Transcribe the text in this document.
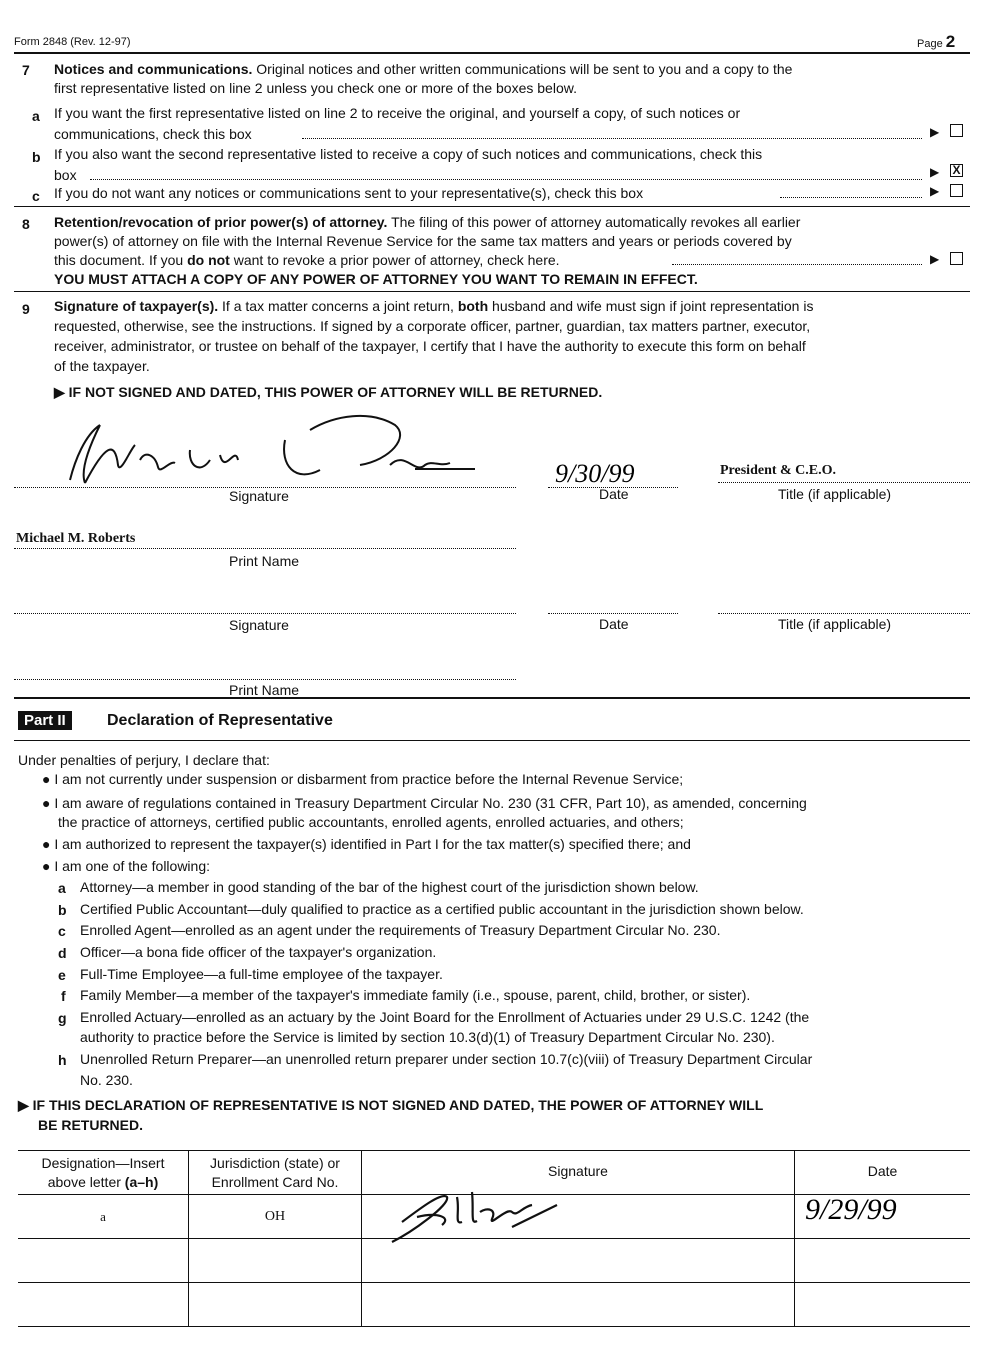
Form 2848 (Rev. 12-97)	Page 2
7 Notices and communications. Original notices and other written communications will be sent to you and a copy to the
first representative listed on line 2 unless you check one or more of the boxes below.
a If you want the first representative listed on line 2 to receive the original, and yourself a copy, of such notices or
communications, check this box	▶
b If you also want the second representative listed to receive a copy of such notices and communications, check this
box	▶ X
c If you do not want any notices or communications sent to your representative(s), check this box	▶
8 Retention/revocation of prior power(s) of attorney. The filing of this power of attorney automatically revokes all earlier
power(s) of attorney on file with the Internal Revenue Service for the same tax matters and years or periods covered by
this document. If you do not want to revoke a prior power of attorney, check here.	▶
YOU MUST ATTACH A COPY OF ANY POWER OF ATTORNEY YOU WANT TO REMAIN IN EFFECT.
9 Signature of taxpayer(s). If a tax matter concerns a joint return, both husband and wife must sign if joint representation is
requested, otherwise, see the instructions. If signed by a corporate officer, partner, guardian, tax matters partner, executor,
receiver, administrator, or trustee on behalf of the taxpayer, I certify that I have the authority to execute this form on behalf
of the taxpayer.
▶ IF NOT SIGNED AND DATED, THIS POWER OF ATTORNEY WILL BE RETURNED.
9/30/99	President & C.E.O.
Signature	Date	Title (if applicable)
Michael M. Roberts
Print Name
Signature	Date	Title (if applicable)
Print Name
Part II	Declaration of Representative
Under penalties of perjury, I declare that:
● I am not currently under suspension or disbarment from practice before the Internal Revenue Service;
● I am aware of regulations contained in Treasury Department Circular No. 230 (31 CFR, Part 10), as amended, concerning
the practice of attorneys, certified public accountants, enrolled agents, enrolled actuaries, and others;
● I am authorized to represent the taxpayer(s) identified in Part I for the tax matter(s) specified there; and
● I am one of the following:
a Attorney—a member in good standing of the bar of the highest court of the jurisdiction shown below.
b Certified Public Accountant—duly qualified to practice as a certified public accountant in the jurisdiction shown below.
c Enrolled Agent—enrolled as an agent under the requirements of Treasury Department Circular No. 230.
d Officer—a bona fide officer of the taxpayer's organization.
e Full-Time Employee—a full-time employee of the taxpayer.
f Family Member—a member of the taxpayer's immediate family (i.e., spouse, parent, child, brother, or sister).
g Enrolled Actuary—enrolled as an actuary by the Joint Board for the Enrollment of Actuaries under 29 U.S.C. 1242 (the
authority to practice before the Service is limited by section 10.3(d)(1) of Treasury Department Circular No. 230).
h Unenrolled Return Preparer—an unenrolled return preparer under section 10.7(c)(viii) of Treasury Department Circular
No. 230.
▶ IF THIS DECLARATION OF REPRESENTATIVE IS NOT SIGNED AND DATED, THE POWER OF ATTORNEY WILL
BE RETURNED.
Designation—Insert
above letter (a–h)	Jurisdiction (state) or
Enrollment Card No.	Signature	Date
a	OH		9/29/99
